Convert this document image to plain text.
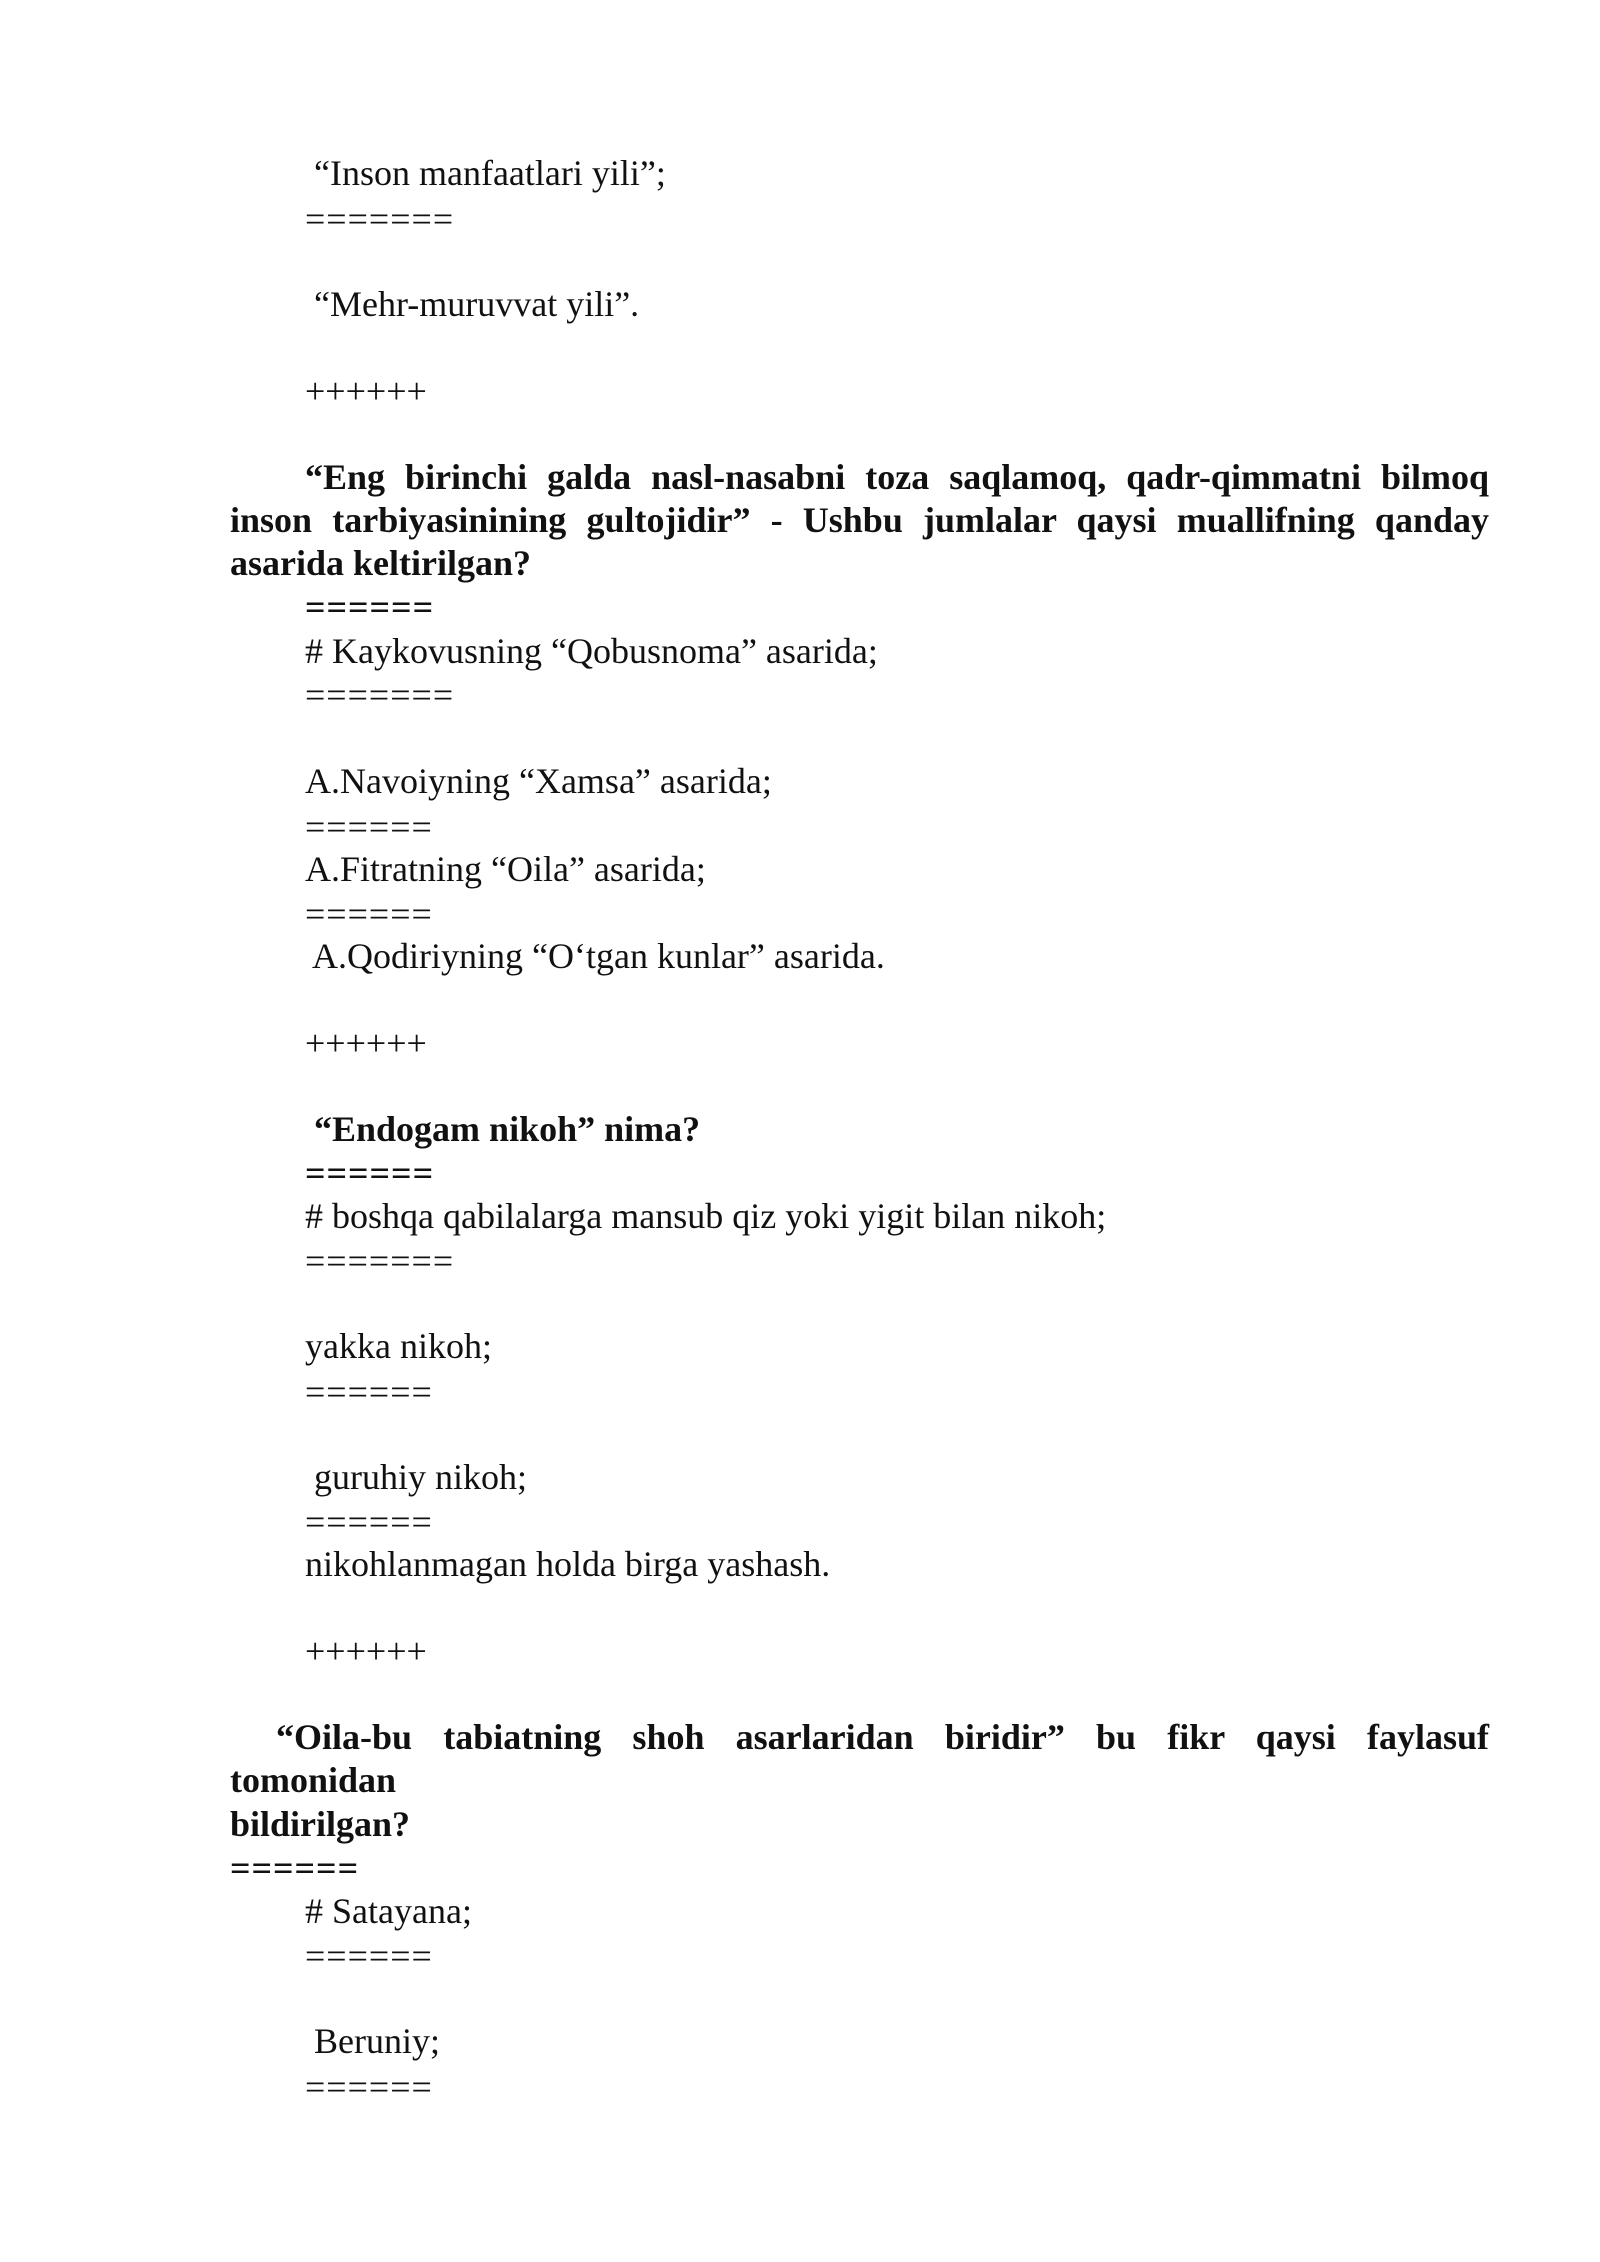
“Inson manfaatlari yili”;

=======

“Mehr-muruvvat yili”.

++++++

“Eng birinchi galda nasl-nasabni toza saqlamoq, qadr-qimmatni bilmoq

inson tarbiyasinining gultojidir” - Ushbu jumlalar qaysi muallifning qanday

asarida keltirilgan?

======

# Kaykovusning “Qobusnoma” asarida;

=======

A.Navoiyning “Xamsa” asarida;

======

A.Fitratning “Oila” asarida;

======

A.Qodiriyning “O‘tgan kunlar” asarida.

++++++

“Endogam nikoh” nima?

======

# boshqa qabilalarga mansub qiz yoki yigit bilan nikoh;

=======

yakka nikoh;

======

guruhiy nikoh;

======

nikohlanmagan holda birga yashash.

++++++

“Oila-bu tabiatning shoh asarlaridan biridir” bu fikr qaysi faylasuf

tomonidan

bildirilgan?

======

# Satayana;

======

Beruniy;

======
